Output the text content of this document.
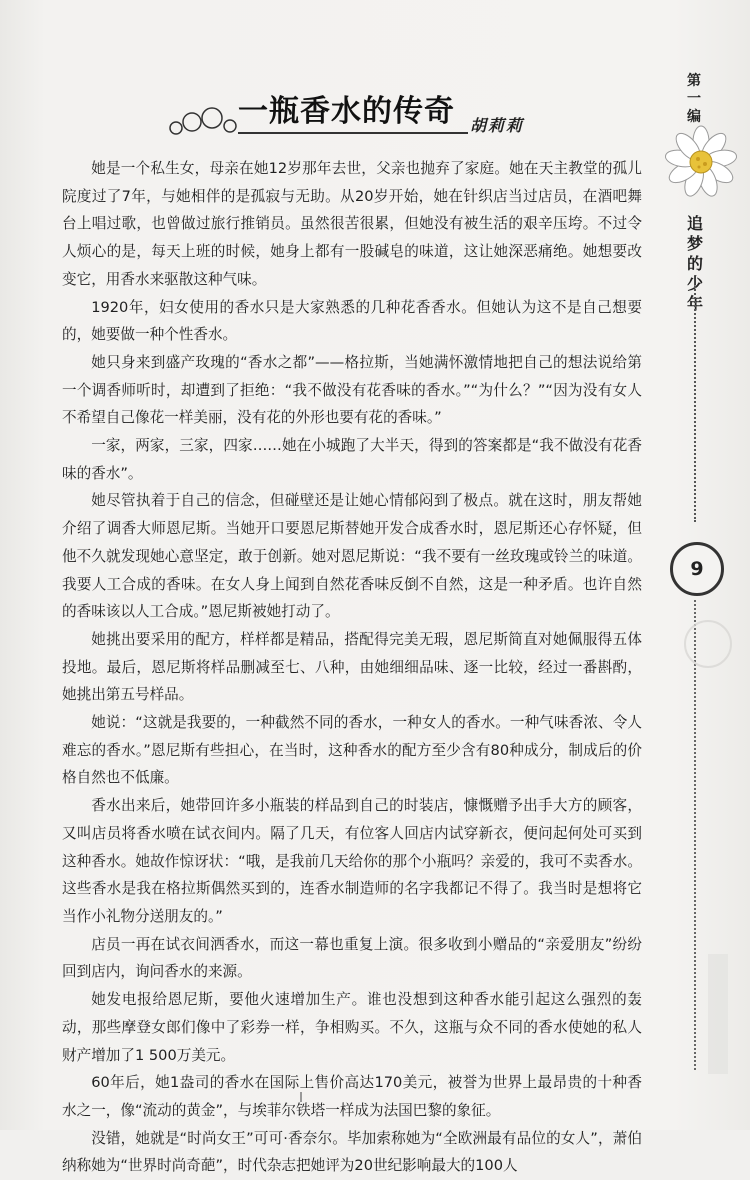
一瓶香水的传奇 胡莉莉

她是一个私生女，母亲在她12岁那年去世，父亲也抛弃了家庭。她在天主教堂的孤儿院度过了7年，与她相伴的是孤寂与无助。从20岁开始，她在针织店当过店员，在酒吧舞台上唱过歌，也曾做过旅行推销员。虽然很苦很累，但她没有被生活的艰辛压垮。不过令人烦心的是，每天上班的时候，她身上都有一股碱皂的味道，这让她深恶痛绝。她想要改变它，用香水来驱散这种气味。

1920年，妇女使用的香水只是大家熟悉的几种花香香水。但她认为这不是自己想要的，她要做一种个性香水。

她只身来到盛产玫瑰的“香水之都”——格拉斯，当她满怀激情地把自己的想法说给第一个调香师听时，却遭到了拒绝：“我不做没有花香味的香水。”“为什么？”“因为没有女人不希望自己像花一样美丽，没有花的外形也要有花的香味。”

一家，两家，三家，四家……她在小城跑了大半天，得到的答案都是“我不做没有花香味的香水”。

她尽管执着于自己的信念，但碰壁还是让她心情郁闷到了极点。就在这时，朋友帮她介绍了调香大师恩尼斯。当她开口要恩尼斯替她开发合成香水时，恩尼斯还心存怀疑，但他不久就发现她心意坚定，敢于创新。她对恩尼斯说：“我不要有一丝玫瑰或铃兰的味道。我要人工合成的香味。在女人身上闻到自然花香味反倒不自然，这是一种矛盾。也许自然的香味该以人工合成。”恩尼斯被她打动了。

她挑出要采用的配方，样样都是精品，搭配得完美无瑕，恩尼斯简直对她佩服得五体投地。最后，恩尼斯将样品删减至七、八种，由她细细品味、逐一比较，经过一番斟酌，她挑出第五号样品。

她说：“这就是我要的，一种截然不同的香水，一种女人的香水。一种气味香浓、令人难忘的香水。”恩尼斯有些担心，在当时，这种香水的配方至少含有80种成分，制成后的价格自然也不低廉。

香水出来后，她带回许多小瓶装的样品到自己的时装店，慷慨赠予出手大方的顾客，又叫店员将香水喷在试衣间内。隔了几天，有位客人回店内试穿新衣，便问起何处可买到这种香水。她故作惊讶状：“哦，是我前几天给你的那个小瓶吗？亲爱的，我可不卖香水。这些香水是我在格拉斯偶然买到的，连香水制造师的名字我都记不得了。我当时是想将它当作小礼物分送朋友的。”

店员一再在试衣间洒香水，而这一幕也重复上演。很多收到小赠品的“亲爱朋友”纷纷回到店内，询问香水的来源。

她发电报给恩尼斯，要他火速增加生产。谁也没想到这种香水能引起这么强烈的轰动，那些摩登女郎们像中了彩券一样，争相购买。不久，这瓶与众不同的香水使她的私人财产增加了1 500万美元。

60年后，她1盎司的香水在国际上售价高达170美元，被誉为世界上最昂贵的十种香水之一，像“流动的黄金”，与埃菲尔铁塔一样成为法国巴黎的象征。

没错，她就是“时尚女王”可可·香奈尔。毕加索称她为“全欧洲最有品位的女人”，萧伯纳称她为“世界时尚奇葩”，时代杂志把她评为20世纪影响最大的100人

第一编
追梦的少年
9
